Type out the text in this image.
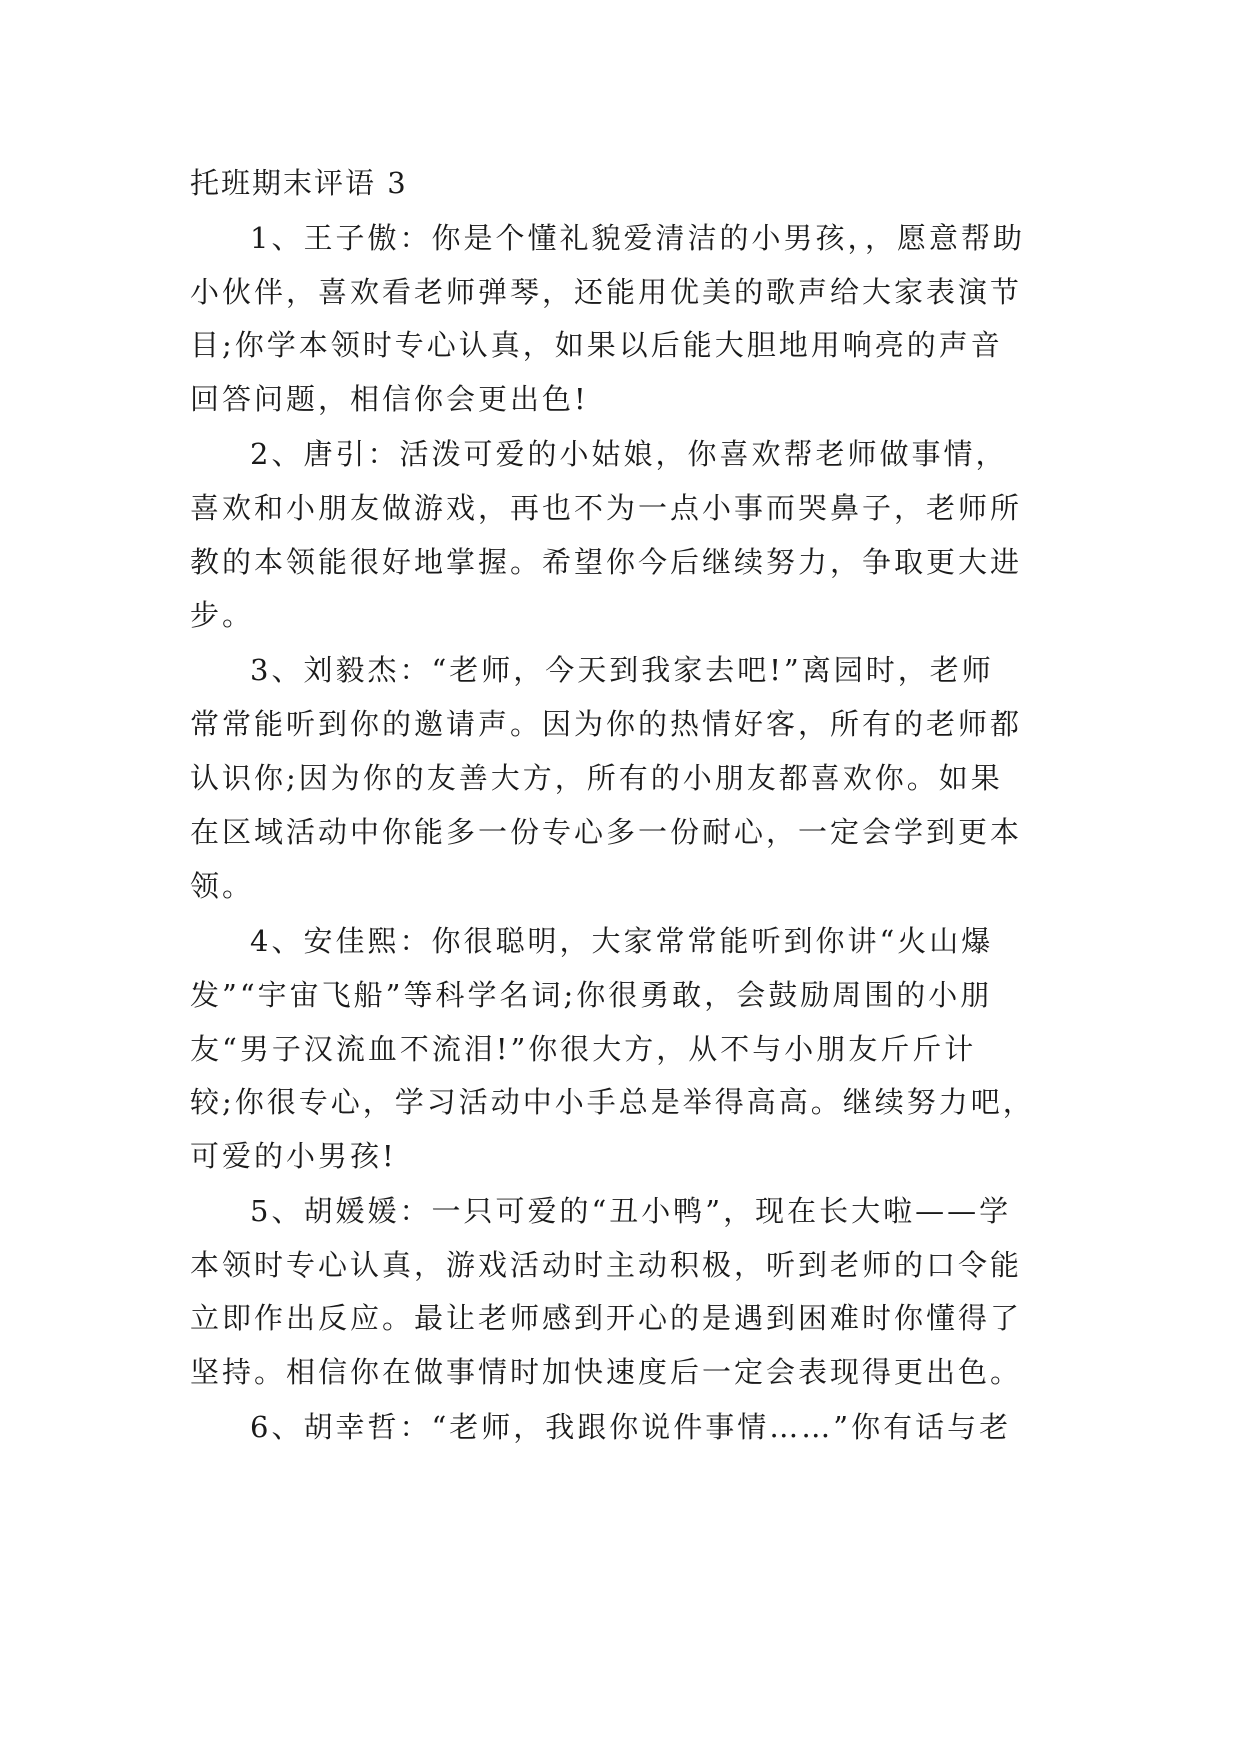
托班期末评语 3
1、王子傲：你是个懂礼貌爱清洁的小男孩，，愿意帮助
小伙伴，喜欢看老师弹琴，还能用优美的歌声给大家表演节
目;你学本领时专心认真，如果以后能大胆地用响亮的声音
回答问题，相信你会更出色!
2、唐引：活泼可爱的小姑娘，你喜欢帮老师做事情，
喜欢和小朋友做游戏，再也不为一点小事而哭鼻子，老师所
教的本领能很好地掌握。希望你今后继续努力，争取更大进
步。
3、刘毅杰：“老师，今天到我家去吧!”离园时，老师
常常能听到你的邀请声。因为你的热情好客，所有的老师都
认识你;因为你的友善大方，所有的小朋友都喜欢你。如果
在区域活动中你能多一份专心多一份耐心，一定会学到更本
领。
4、安佳熙：你很聪明，大家常常能听到你讲“火山爆
发”“宇宙飞船”等科学名词;你很勇敢，会鼓励周围的小朋
友“男子汉流血不流泪!”你很大方，从不与小朋友斤斤计
较;你很专心，学习活动中小手总是举得高高。继续努力吧，
可爱的小男孩!
5、胡媛媛：一只可爱的“丑小鸭”，现在长大啦——学
本领时专心认真，游戏活动时主动积极，听到老师的口令能
立即作出反应。最让老师感到开心的是遇到困难时你懂得了
坚持。相信你在做事情时加快速度后一定会表现得更出色。
6、胡幸哲：“老师，我跟你说件事情……”你有话与老
